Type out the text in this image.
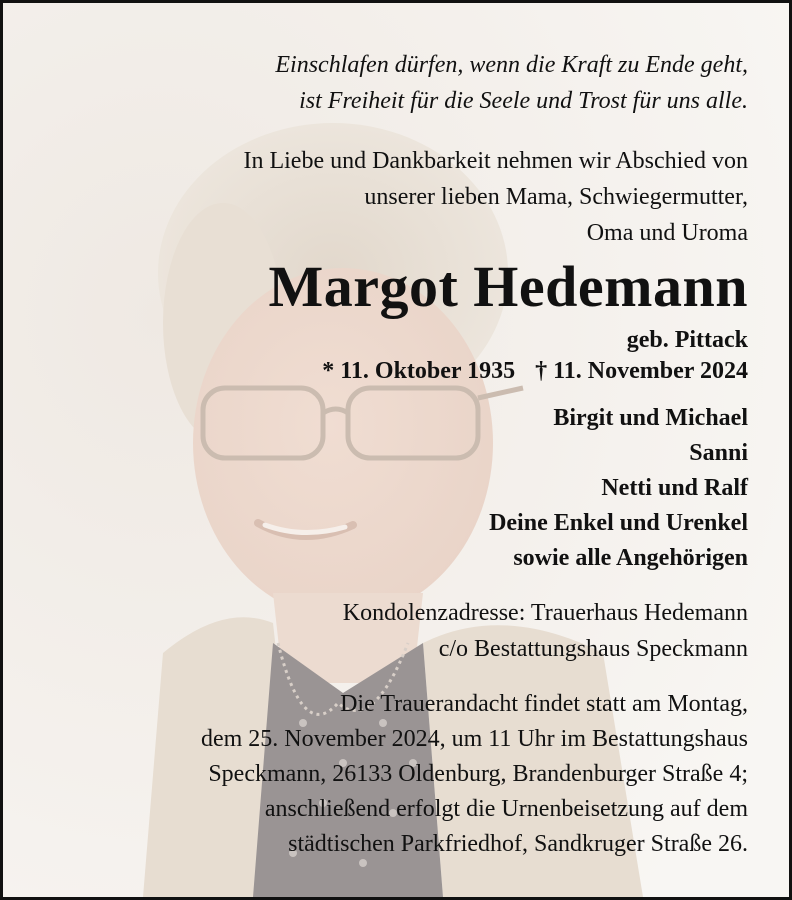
Einschlafen dürfen, wenn die Kraft zu Ende geht,
ist Freiheit für die Seele und Trost für uns alle.
In Liebe und Dankbarkeit nehmen wir Abschied von
unserer lieben Mama, Schwiegermutter,
Oma und Uroma
Margot Hedemann
geb. Pittack
* 11. Oktober 1935 † 11. November 2024
Birgit und Michael
Sanni
Netti und Ralf
Deine Enkel und Urenkel
sowie alle Angehörigen
Kondolenzadresse: Trauerhaus Hedemann
c/o Bestattungshaus Speckmann
Die Trauerandacht findet statt am Montag,
dem 25. November 2024, um 11 Uhr im Bestattungshaus
Speckmann, 26133 Oldenburg, Brandenburger Straße 4;
anschließend erfolgt die Urnenbeisetzung auf dem
städtischen Parkfriedhof, Sandkruger Straße 26.
